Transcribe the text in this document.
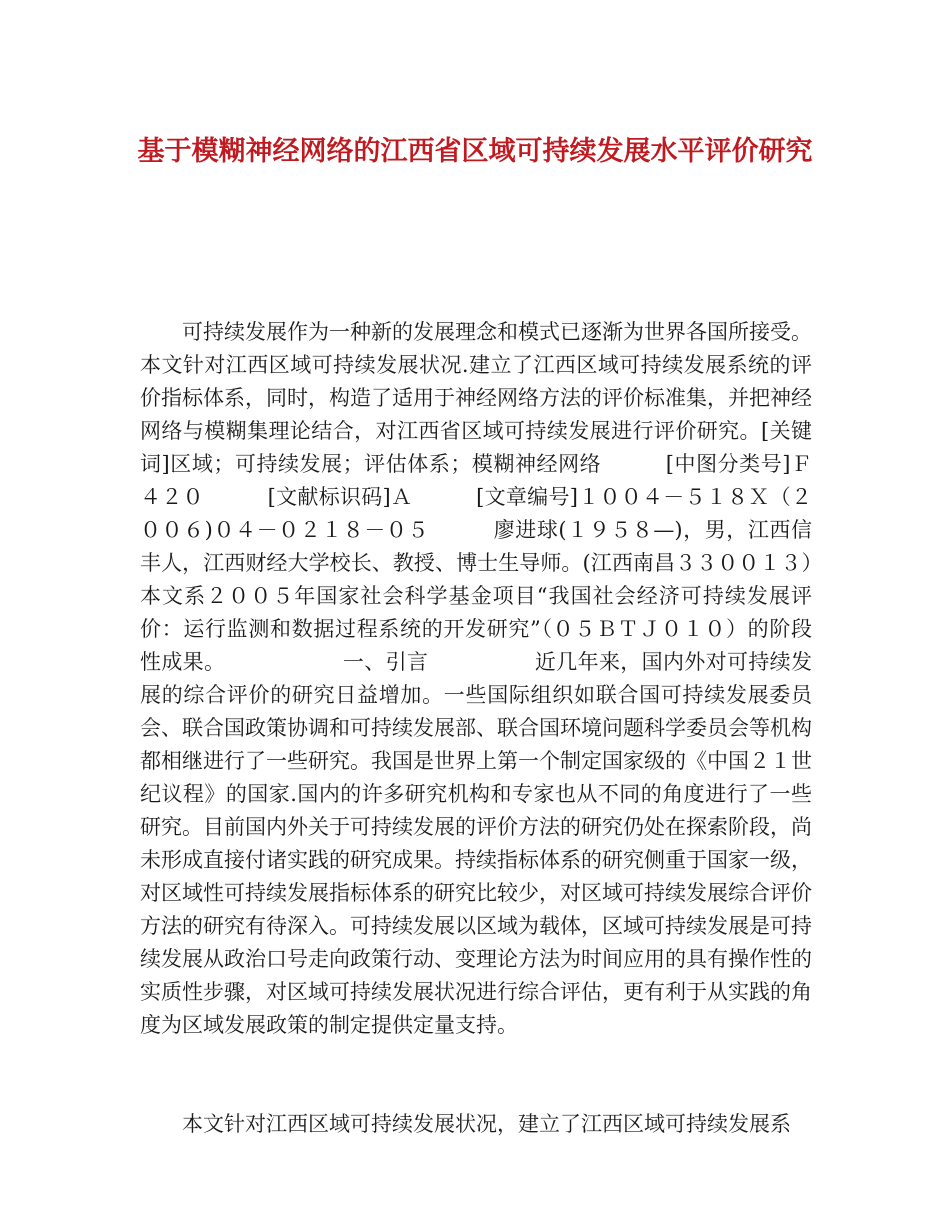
基于模糊神经网络的江西省区域可持续发展水平评价研究

　　可持续发展作为一种新的发展理念和模式已逐渐为世界各国所接受。本文针对江西区域可持续发展状况.建立了江西区域可持续发展系统的评价指标体系，同时，构造了适用于神经网络方法的评价标准集，并把神经网络与模糊集理论结合，对江西省区域可持续发展进行评价研究。[关键词]区域；可持续发展；评估体系；模糊神经网络　　　[中图分类号]Ｆ４２０　　　[文献标识码]Ａ　　　[文章编号]１００４－５１８Ｘ（２００６)０４－０２１８－０５　　　廖进球(１９５８—)，男，江西信丰人，江西财经大学校长、教授、博士生导师。(江西南昌３３００１３）　　　本文系２００５年国家社会科学基金项目“我国社会经济可持续发展评价：运行监测和数据过程系统的开发研究”（０５ＢＴＪ０１０）的阶段性成果。　　　　　　一、引言　　　　　近几年来，国内外对可持续发展的综合评价的研究日益增加。一些国际组织如联合国可持续发展委员会、联合国政策协调和可持续发展部、联合国环境问题科学委员会等机构都相继进行了一些研究。我国是世界上第一个制定国家级的《中国２１世纪议程》的国家.国内的许多研究机构和专家也从不同的角度进行了一些研究。目前国内外关于可持续发展的评价方法的研究仍处在探索阶段，尚未形成直接付诸实践的研究成果。持续指标体系的研究侧重于国家一级，对区域性可持续发展指标体系的研究比较少，对区域可持续发展综合评价方法的研究有待深入。可持续发展以区域为载体，区域可持续发展是可持续发展从政治口号走向政策行动、变理论方法为时间应用的具有操作性的实质性步骤，对区域可持续发展状况进行综合评估，更有利于从实践的角度为区域发展政策的制定提供定量支持。

　　本文针对江西区域可持续发展状况，建立了江西区域可持续发展系
